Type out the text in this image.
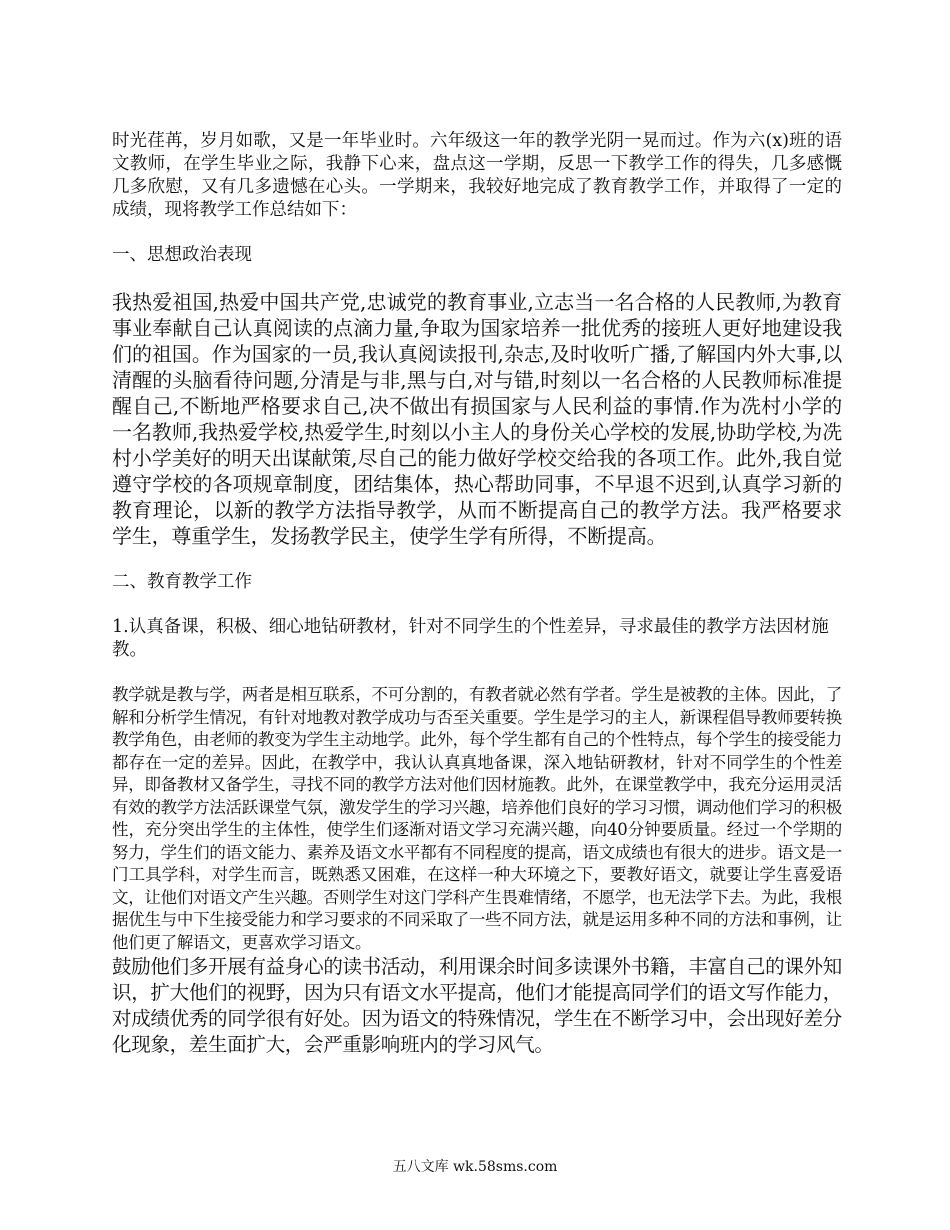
时光荏苒，岁月如歌，又是一年毕业时。六年级这一年的教学光阴一晃而过。作为六(x)班的语文教师，在学生毕业之际，我静下心来，盘点这一学期，反思一下教学工作的得失，几多感慨几多欣慰，又有几多遗憾在心头。一学期来，我较好地完成了教育教学工作，并取得了一定的成绩，现将教学工作总结如下：

一、思想政治表现

我热爱祖国,热爱中国共产党,忠诚党的教育事业,立志当一名合格的人民教师,为教育事业奉献自己认真阅读的点滴力量,争取为国家培养一批优秀的接班人更好地建设我们的祖国。作为国家的一员,我认真阅读报刊,杂志,及时收听广播,了解国内外大事,以清醒的头脑看待问题,分清是与非,黑与白,对与错,时刻以一名合格的人民教师标准提醒自己,不断地严格要求自己,决不做出有损国家与人民利益的事情.作为冼村小学的一名教师,我热爱学校,热爱学生,时刻以小主人的身份关心学校的发展,协助学校,为冼村小学美好的明天出谋献策,尽自己的能力做好学校交给我的各项工作。此外,我自觉遵守学校的各项规章制度，团结集体，热心帮助同事，不早退不迟到,认真学习新的教育理论，以新的教学方法指导教学，从而不断提高自己的教学方法。我严格要求学生，尊重学生，发扬教学民主，使学生学有所得，不断提高。

二、教育教学工作

1.认真备课，积极、细心地钻研教材，针对不同学生的个性差异，寻求最佳的教学方法因材施教。

教学就是教与学，两者是相互联系，不可分割的，有教者就必然有学者。学生是被教的主体。因此，了解和分析学生情况，有针对地教对教学成功与否至关重要。学生是学习的主人，新课程倡导教师要转换教学角色，由老师的教变为学生主动地学。此外，每个学生都有自己的个性特点，每个学生的接受能力都存在一定的差异。因此，在教学中，我认认真真地备课，深入地钻研教材，针对不同学生的个性差异，即备教材又备学生，寻找不同的教学方法对他们因材施教。此外，在课堂教学中，我充分运用灵活有效的教学方法活跃课堂气氛，激发学生的学习兴趣，培养他们良好的学习习惯，调动他们学习的积极性，充分突出学生的主体性，使学生们逐渐对语文学习充满兴趣，向40分钟要质量。经过一个学期的努力，学生们的语文能力、素养及语文水平都有不同程度的提高，语文成绩也有很大的进步。语文是一门工具学科，对学生而言，既熟悉又困难，在这样一种大环境之下，要教好语文，就要让学生喜爱语文，让他们对语文产生兴趣。否则学生对这门学科产生畏难情绪，不愿学，也无法学下去。为此，我根据优生与中下生接受能力和学习要求的不同采取了一些不同方法，就是运用多种不同的方法和事例，让他们更了解语文，更喜欢学习语文。

鼓励他们多开展有益身心的读书活动，利用课余时间多读课外书籍，丰富自己的课外知识，扩大他们的视野，因为只有语文水平提高，他们才能提高同学们的语文写作能力，对成绩优秀的同学很有好处。因为语文的特殊情况，学生在不断学习中，会出现好差分化现象，差生面扩大，会严重影响班内的学习风气。

五八文库 wk.58sms.com
